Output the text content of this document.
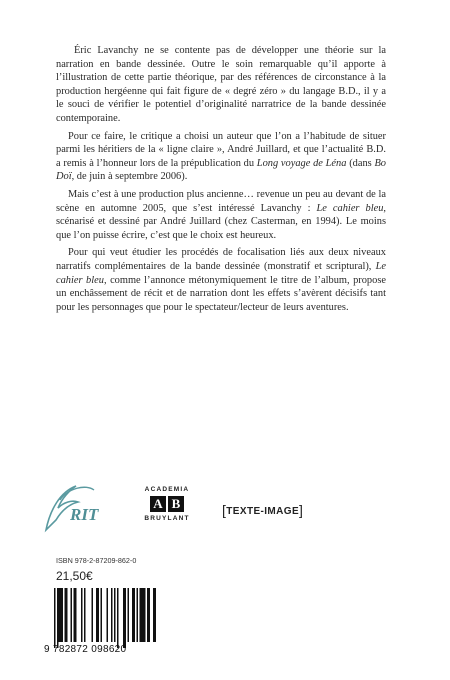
Éric Lavanchy ne se contente pas de développer une théorie sur la narration en bande dessinée. Outre le soin remarquable qu’il apporte à l’illustration de cette partie théorique, par des références de circonstance à la production hergéenne qui fait figure de « degré zéro » du langage B.D., il y a le souci de vérifier le potentiel d’originalité narratrice de la bande dessinée contemporaine.

Pour ce faire, le critique a choisi un auteur que l’on a l’habitude de situer parmi les héritiers de la « ligne claire », André Juillard, et que l’actualité B.D. a remis à l’honneur lors de la prépublication du Long voyage de Léna (dans Bo Doï, de juin à septembre 2006).

Mais c’est à une production plus ancienne… revenue un peu au devant de la scène en automne 2005, que s’est intéressé Lavanchy : Le cahier bleu, scénarisé et dessiné par André Juillard (chez Casterman, en 1994). Le moins que l’on puisse écrire, c’est que le choix est heureux.

Pour qui veut étudier les procédés de focalisation liés aux deux niveaux narratifs complémentaires de la bande dessinée (monstratif et scriptural), Le cahier bleu, comme l’annonce métonymiquement le titre de l’album, propose un enchâssement de récit et de narration dont les effets s’avèrent décisifs tant pour les personnages que pour le spectateur/lecteur de leurs aventures.

RIT
ACADEMIA
A B
BRUYLANT
[TEXTE-IMAGE]
ISBN 978-2-87209-862-0
21,50€
9 782872 098620
